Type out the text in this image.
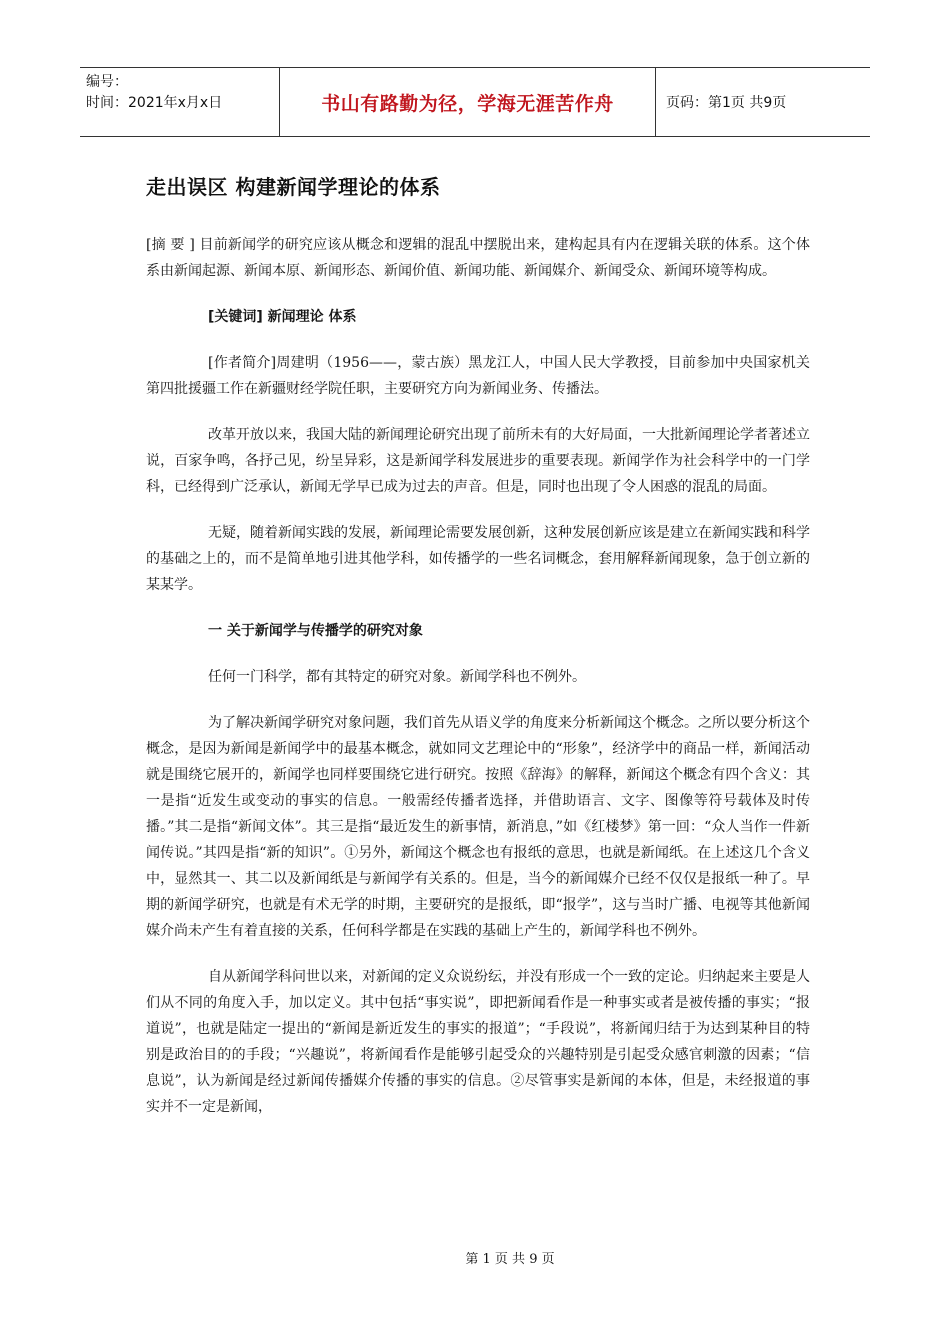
编号：
时间：2021年x月x日	书山有路勤为径，学海无涯苦作舟	页码：第1页 共9页
走出误区 构建新闻学理论的体系

[摘 要 ] 目前新闻学的研究应该从概念和逻辑的混乱中摆脱出来，建构起具有内在逻辑关联的体系。这个体系由新闻起源、新闻本原、新闻形态、新闻价值、新闻功能、新闻媒介、新闻受众、新闻环境等构成。

[关键词] 新闻理论 体系

[作者简介]周建明（1956——，蒙古族）黑龙江人，中国人民大学教授，目前参加中央国家机关第四批援疆工作在新疆财经学院任职，主要研究方向为新闻业务、传播法。

改革开放以来，我国大陆的新闻理论研究出现了前所未有的大好局面，一大批新闻理论学者著述立说，百家争鸣，各抒己见，纷呈异彩，这是新闻学科发展进步的重要表现。新闻学作为社会科学中的一门学科，已经得到广泛承认，新闻无学早已成为过去的声音。但是，同时也出现了令人困惑的混乱的局面。

无疑，随着新闻实践的发展，新闻理论需要发展创新，这种发展创新应该是建立在新闻实践和科学的基础之上的，而不是简单地引进其他学科，如传播学的一些名词概念，套用解释新闻现象，急于创立新的某某学。

一 关于新闻学与传播学的研究对象

任何一门科学，都有其特定的研究对象。新闻学科也不例外。

为了解决新闻学研究对象问题，我们首先从语义学的角度来分析新闻这个概念。之所以要分析这个概念，是因为新闻是新闻学中的最基本概念，就如同文艺理论中的“形象”，经济学中的商品一样，新闻活动就是围绕它展开的，新闻学也同样要围绕它进行研究。按照《辞海》的解释，新闻这个概念有四个含义：其一是指“近发生或变动的事实的信息。一般需经传播者选择，并借助语言、文字、图像等符号载体及时传播。”其二是指“新闻文体”。其三是指“最近发生的新事情，新消息，”如《红楼梦》第一回：“众人当作一件新闻传说。”其四是指“新的知识”。①另外，新闻这个概念也有报纸的意思，也就是新闻纸。在上述这几个含义中，显然其一、其二以及新闻纸是与新闻学有关系的。但是，当今的新闻媒介已经不仅仅是报纸一种了。早期的新闻学研究，也就是有术无学的时期，主要研究的是报纸，即“报学”，这与当时广播、电视等其他新闻媒介尚未产生有着直接的关系，任何科学都是在实践的基础上产生的，新闻学科也不例外。

自从新闻学科问世以来，对新闻的定义众说纷纭，并没有形成一个一致的定论。归纳起来主要是人们从不同的角度入手，加以定义。其中包括“事实说”，即把新闻看作是一种事实或者是被传播的事实；“报道说”，也就是陆定一提出的“新闻是新近发生的事实的报道”；“手段说”，将新闻归结于为达到某种目的特别是政治目的的手段；“兴趣说”，将新闻看作是能够引起受众的兴趣特别是引起受众感官刺激的因素；“信息说”，认为新闻是经过新闻传播媒介传播的事实的信息。②尽管事实是新闻的本体，但是，未经报道的事实并不一定是新闻，

第 1 页 共 9 页
